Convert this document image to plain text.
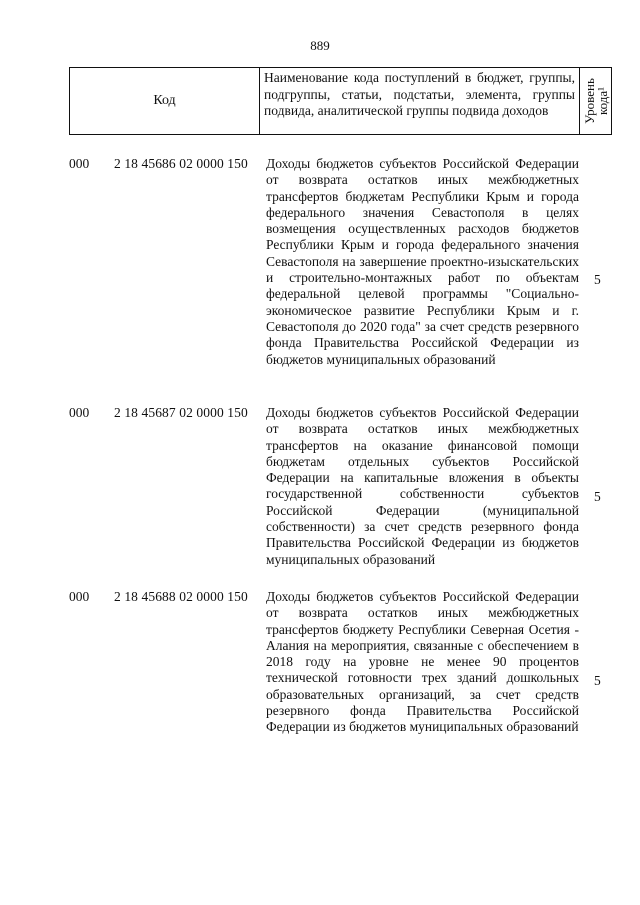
889
Код
Наименование кода поступлений в бюджет, группы, подгруппы, статьи, подстатьи, элемента, группы подвида, аналитической группы подвида доходов	Уровень
кода¹
000 2 18 45686 02 0000 150 Доходы бюджетов субъектов Российской Федерации от возврата остатков иных межбюджетных трансфертов бюджетам Республики Крым и города федерального значения Севастополя в целях возмещения осуществленных расходов бюджетов Республики Крым и города федерального значения Севастополя на завершение проектно-изыскательских и строительно-монтажных работ по объектам федеральной целевой программы "Социально-экономическое развитие Республики Крым и г. Севастополя до 2020 года" за счет средств резервного фонда Правительства Российской Федерации из бюджетов муниципальных образований
5
000 2 18 45687 02 0000 150 Доходы бюджетов субъектов Российской Федерации от возврата остатков иных межбюджетных трансфертов на оказание финансовой помощи бюджетам отдельных субъектов Российской Федерации на капитальные вложения в объекты государственной собственности субъектов Российской Федерации (муниципальной собственности) за счет средств резервного фонда Правительства Российской Федерации из бюджетов муниципальных образований
5
000 2 18 45688 02 0000 150 Доходы бюджетов субъектов Российской Федерации от возврата остатков иных межбюджетных трансфертов бюджету Республики Северная Осетия - Алания на мероприятия, связанные с обеспечением в 2018 году на уровне не менее 90 процентов технической готовности трех зданий дошкольных образовательных организаций, за счет средств резервного фонда Правительства Российской Федерации из бюджетов муниципальных образований
5
